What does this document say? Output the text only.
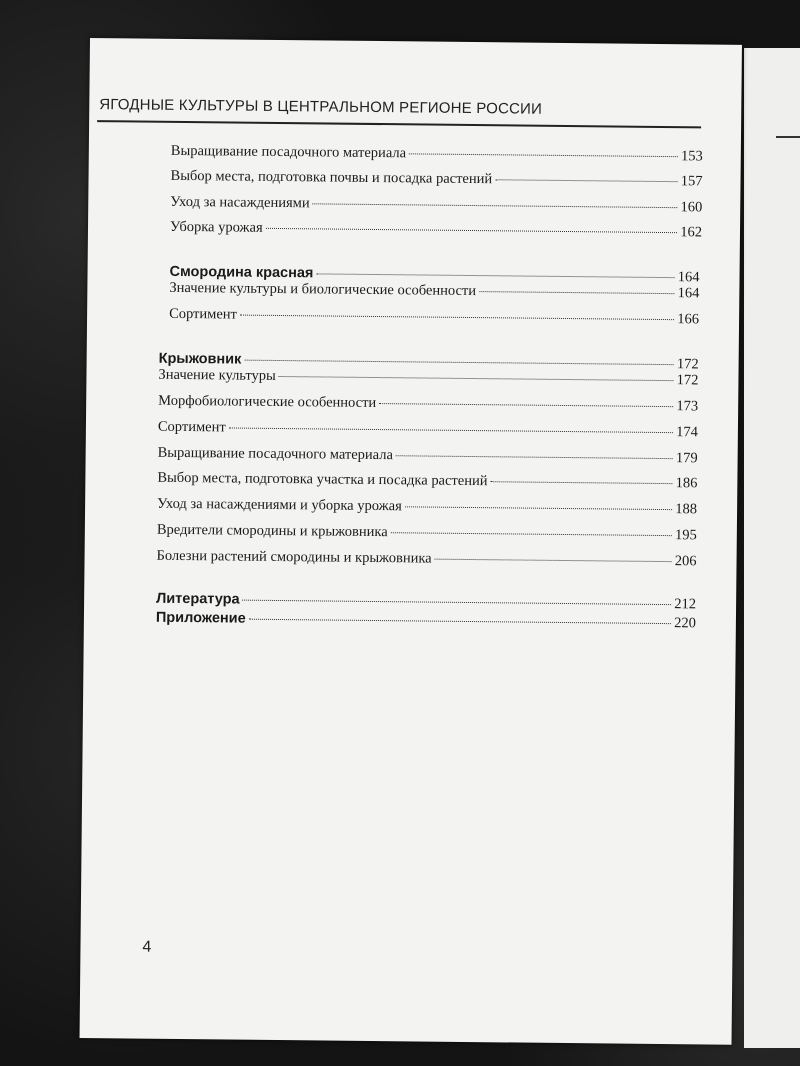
ЯГОДНЫЕ КУЛЬТУРЫ В ЦЕНТРАЛЬНОМ РЕГИОНЕ РОССИИ
Выращивание посадочного материала	153
Выбор места, подготовка почвы и посадка растений	157
Уход за насаждениями	160
Уборка урожая	162
Смородина красная	164
Значение культуры и биологические особенности	164
Сортимент	166
Крыжовник	172
Значение культуры	172
Морфобиологические особенности	173
Сортимент	174
Выращивание посадочного материала	179
Выбор места, подготовка участка и посадка растений	186
Уход за насаждениями и уборка урожая	188
Вредители смородины и крыжовника	195
Болезни растений смородины и крыжовника	206
Литература	212
Приложение	220
4
